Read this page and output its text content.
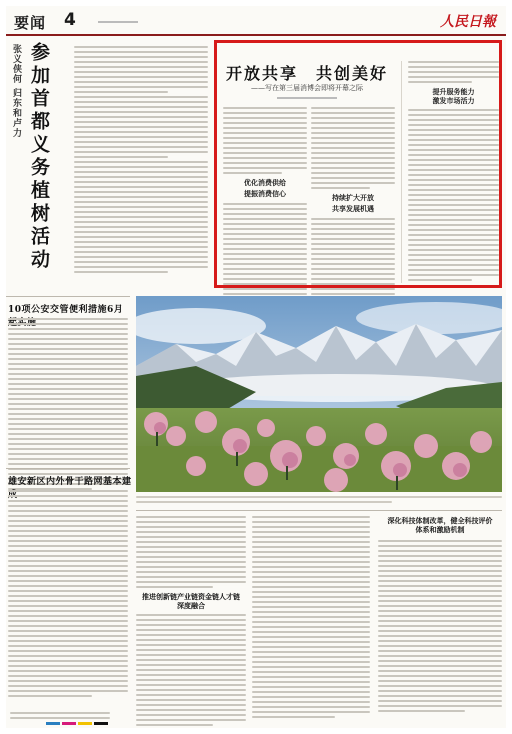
要闻 4	人民日報
张义侠何 归东和卢力 参加首都义务植树活动	开放共享　共创美好
——写在第三届消博会即将开幕之际
优化消费供给
提振消费信心	持续扩大开放
共享发展机遇
提升服务能力
激发市场活力
10项公安交管便利措施6月
雄安新区内外骨干路网基本建
推进创新链产业链资金链人才链
深度融合
深化科技体制改革，健全科技评价
体系和激励机制
